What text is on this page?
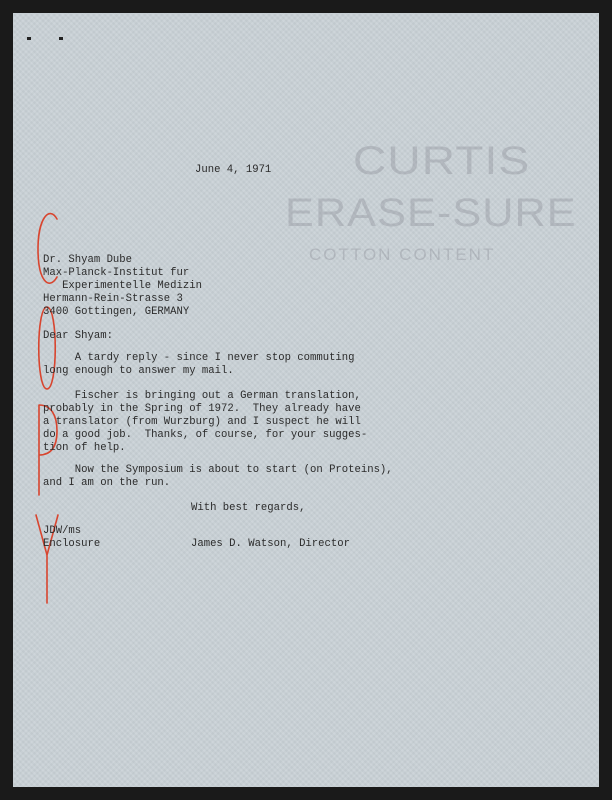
CURTIS
ERASE-SURE
COTTON CONTENT
June 4, 1971
Dr. Shyam Dube
Max-Planck-Institut fur
Experimentelle Medizin
Hermann-Rein-Strasse 3
3400 Gottingen, GERMANY
Dear Shyam:
A tardy reply - since I never stop commuting
long enough to answer my mail.
Fischer is bringing out a German translation,
probably in the Spring of 1972.  They already have
a translator (from Wurzburg) and I suspect he will
do a good job.  Thanks, of course, for your sugges-
tion of help.
Now the Symposium is about to start (on Proteins),
and I am on the run.
With best regards,
JDW/ms
Enclosure	James D. Watson, Director
